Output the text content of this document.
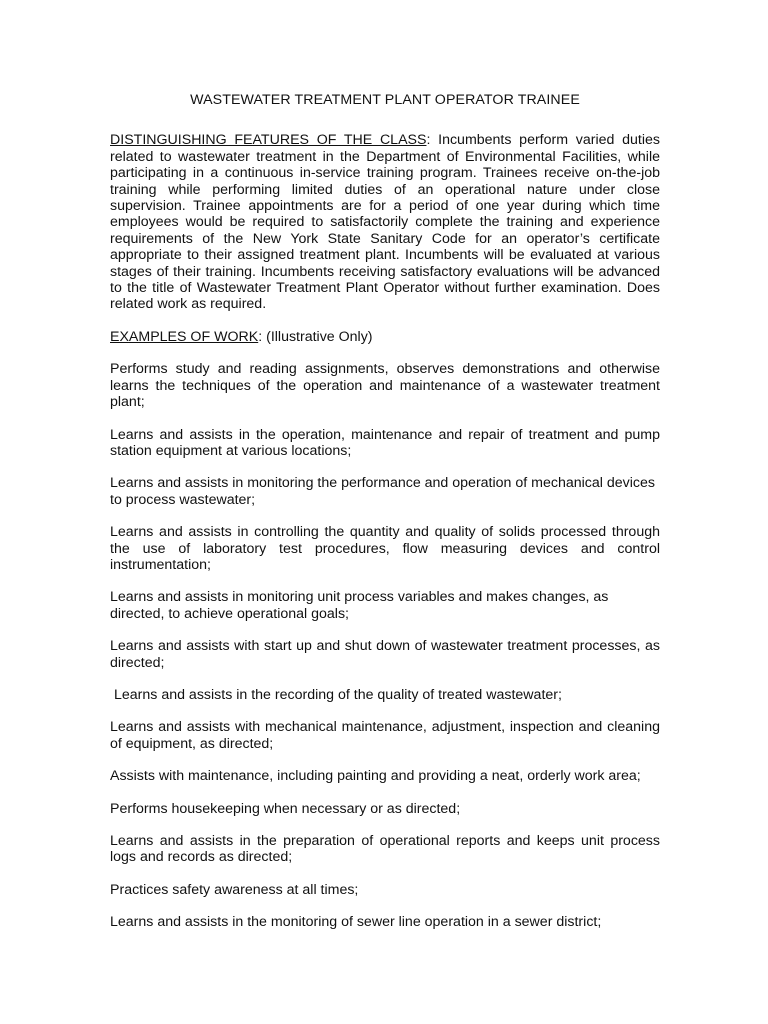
WASTEWATER TREATMENT PLANT OPERATOR TRAINEE

DISTINGUISHING FEATURES OF THE CLASS: Incumbents perform varied duties related to wastewater treatment in the Department of Environmental Facilities, while participating in a continuous in-service training program. Trainees receive on-the-job training while performing limited duties of an operational nature under close supervision. Trainee appointments are for a period of one year during which time employees would be required to satisfactorily complete the training and experience requirements of the New York State Sanitary Code for an operator’s certificate appropriate to their assigned treatment plant. Incumbents will be evaluated at various stages of their training. Incumbents receiving satisfactory evaluations will be advanced to the title of Wastewater Treatment Plant Operator without further examination. Does related work as required.

EXAMPLES OF WORK: (Illustrative Only)

Performs study and reading assignments, observes demonstrations and otherwise learns the techniques of the operation and maintenance of a wastewater treatment plant;

Learns and assists in the operation, maintenance and repair of treatment and pump station equipment at various locations;

Learns and assists in monitoring the performance and operation of mechanical devices to process wastewater;

Learns and assists in controlling the quantity and quality of solids processed through the use of laboratory test procedures, flow measuring devices and control instrumentation;

Learns and assists in monitoring unit process variables and makes changes, as directed, to achieve operational goals;

Learns and assists with start up and shut down of wastewater treatment processes, as directed;

Learns and assists in the recording of the quality of treated wastewater;

Learns and assists with mechanical maintenance, adjustment, inspection and cleaning of equipment, as directed;

Assists with maintenance, including painting and providing a neat, orderly work area;

Performs housekeeping when necessary or as directed;

Learns and assists in the preparation of operational reports and keeps unit process logs and records as directed;

Practices safety awareness at all times;

Learns and assists in the monitoring of sewer line operation in a sewer district;
